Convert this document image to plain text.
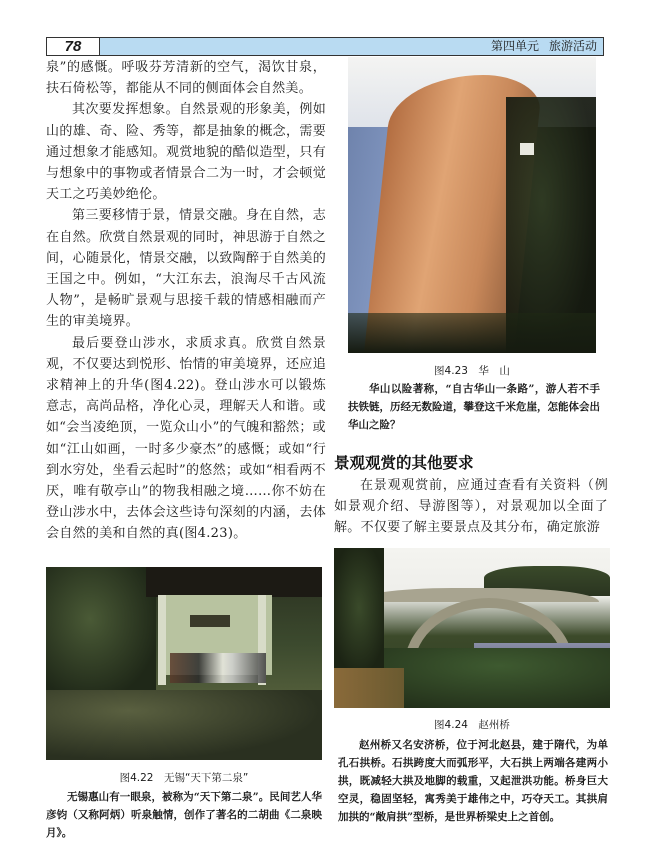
78	第四单元 旅游活动

泉”的感慨。呼吸芬芳清新的空气，渴饮甘泉，扶石倚松等，都能从不同的侧面体会自然美。

其次要发挥想象。自然景观的形象美，例如山的雄、奇、险、秀等，都是抽象的概念，需要通过想象才能感知。观赏地貌的酷似造型，只有与想象中的事物或者情景合二为一时，才会顿觉天工之巧美妙绝伦。

第三要移情于景，情景交融。身在自然，志在自然。欣赏自然景观的同时，神思游于自然之间，心随景化，情景交融，以致陶醉于自然美的王国之中。例如，“大江东去，浪淘尽千古风流人物”，是畅旷景观与思接千载的情感相融而产生的审美境界。

最后要登山涉水，求质求真。欣赏自然景观，不仅要达到悦形、怡情的审美境界，还应追求精神上的升华(图4.22)。登山涉水可以锻炼意志，高尚品格，净化心灵，理解天人和谐。或如“会当凌绝顶，一览众山小”的气魄和豁然；或如“江山如画，一时多少豪杰”的感慨；或如“行到水穷处，坐看云起时”的悠然；或如“相看两不厌，唯有敬亭山”的物我相融之境……你不妨在登山涉水中，去体会这些诗句深刻的内涵，去体会自然的美和自然的真(图4.23)。

图4.23　华　山
华山以险著称，“自古华山一条路”，游人若不手扶铁链，历经无数险道，攀登这千米危崖，怎能体会出华山之险？
景观观赏的其他要求

在景观观赏前，应通过查看有关资料（例如景观介绍、导游图等），对景观加以全面了解。不仅要了解主要景点及其分布，确定旅游

图4.24　赵州桥
赵州桥又名安济桥，位于河北赵县，建于隋代，为单孔石拱桥。石拱跨度大而弧形平，大石拱上两端各建两小拱，既减轻大拱及地脚的载重，又起泄洪功能。桥身巨大空灵，稳固坚轻，寓秀美于雄伟之中，巧夺天工。其拱肩加拱的“敞肩拱”型桥，是世界桥梁史上之首创。
图4.22　无锡“天下第二泉”
无锡惠山有一眼泉，被称为“天下第二泉”。民间艺人华彦钧（又称阿炳）听泉触情，创作了著名的二胡曲《二泉映月》。
